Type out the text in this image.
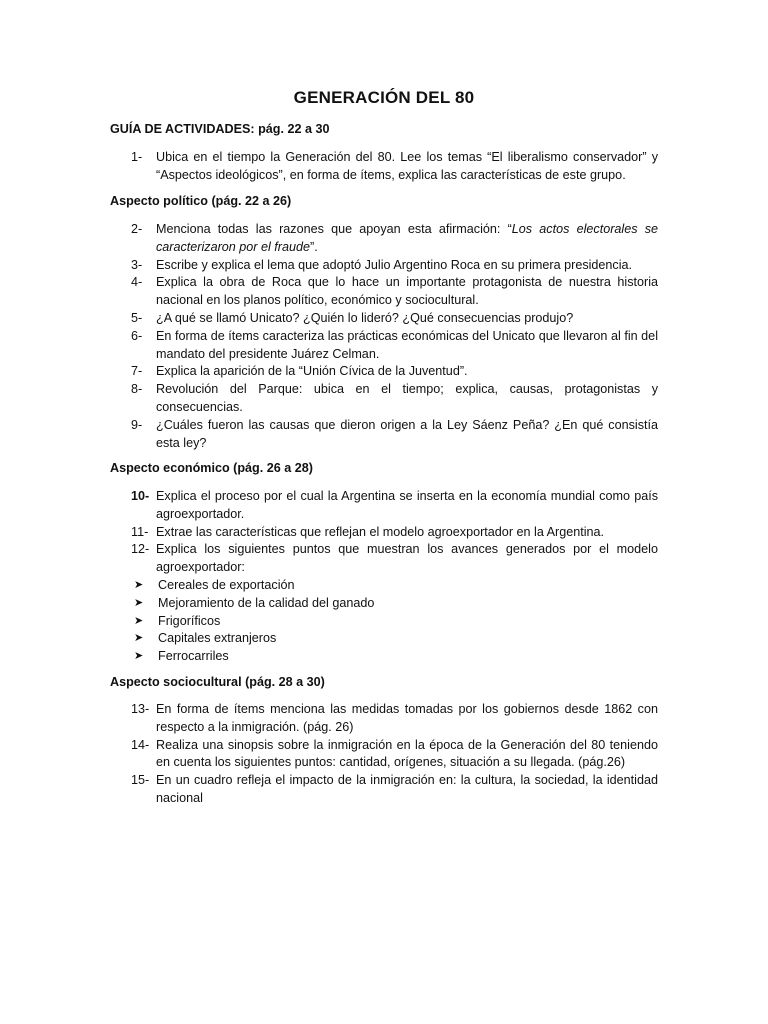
GENERACIÓN DEL 80
GUÍA DE ACTIVIDADES: pág. 22 a 30
1-	Ubica en el tiempo la Generación del 80. Lee los temas “El liberalismo conservador” y “Aspectos ideológicos”, en forma de ítems, explica las características de este grupo.
Aspecto político (pág. 22 a 26)
2-	Menciona todas las razones que apoyan esta afirmación: “Los actos electorales se caracterizaron por el fraude”.
3-	Escribe y explica el lema que adoptó Julio Argentino Roca en su primera presidencia.
4-	Explica la obra de Roca que lo hace un importante protagonista de nuestra historia nacional en los planos político, económico y sociocultural.
5-	¿A qué se llamó Unicato? ¿Quién lo lideró? ¿Qué consecuencias produjo?
6-	En forma de ítems caracteriza las prácticas económicas del Unicato que llevaron al fin del mandato del presidente Juárez Celman.
7-	Explica la aparición de la “Unión Cívica de la Juventud”.
8-	Revolución del Parque: ubica en el tiempo; explica, causas, protagonistas y consecuencias.
9-	¿Cuáles fueron las causas que dieron origen a la Ley Sáenz Peña? ¿En qué consistía esta ley?
Aspecto económico (pág. 26 a 28)
10- Explica el proceso por el cual la Argentina se inserta en la economía mundial como país agroexportador.
11- Extrae las características que reflejan el modelo agroexportador en la Argentina.
12- Explica los siguientes puntos que muestran los avances generados por el modelo agroexportador:
➤	Cereales de exportación
➤	Mejoramiento de la calidad del ganado
➤	Frigoríficos
➤	Capitales extranjeros
➤	Ferrocarriles
Aspecto sociocultural (pág. 28 a 30)
13- En forma de ítems menciona las medidas tomadas por los gobiernos desde 1862 con respecto a la inmigración. (pág. 26)
14- Realiza una sinopsis sobre la inmigración en la época de la Generación del 80 teniendo en cuenta los siguientes puntos: cantidad, orígenes, situación a su llegada. (pág.26)
15- En un cuadro refleja el impacto de la inmigración en: la cultura, la sociedad, la identidad nacional
